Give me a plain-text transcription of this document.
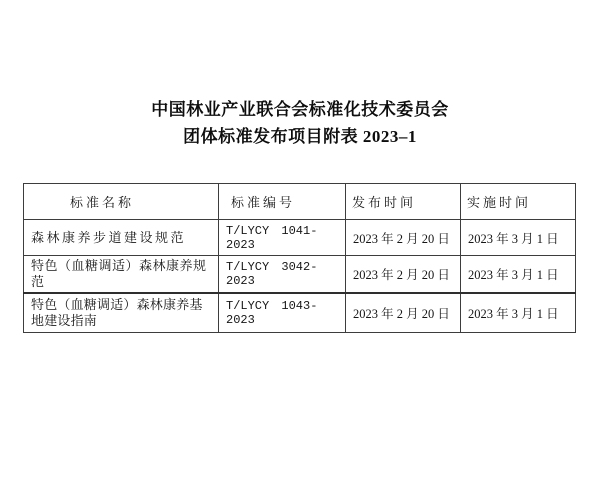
中国林业产业联合会标准化技术委员会
团体标准发布项目附表 2023–1
标准名称	标准编号	发布时间	实施时间
森林康养步道建设规范	T/LYCY 1041-2023	2023 年 2 月 20 日	2023 年 3 月 1 日
特色（血糖调适）森林康养规范	T/LYCY 3042-2023	2023 年 2 月 20 日	2023 年 3 月 1 日
特色（血糖调适）森林康养基地建设指南	T/LYCY 1043-2023	2023 年 2 月 20 日	2023 年 3 月 1 日
